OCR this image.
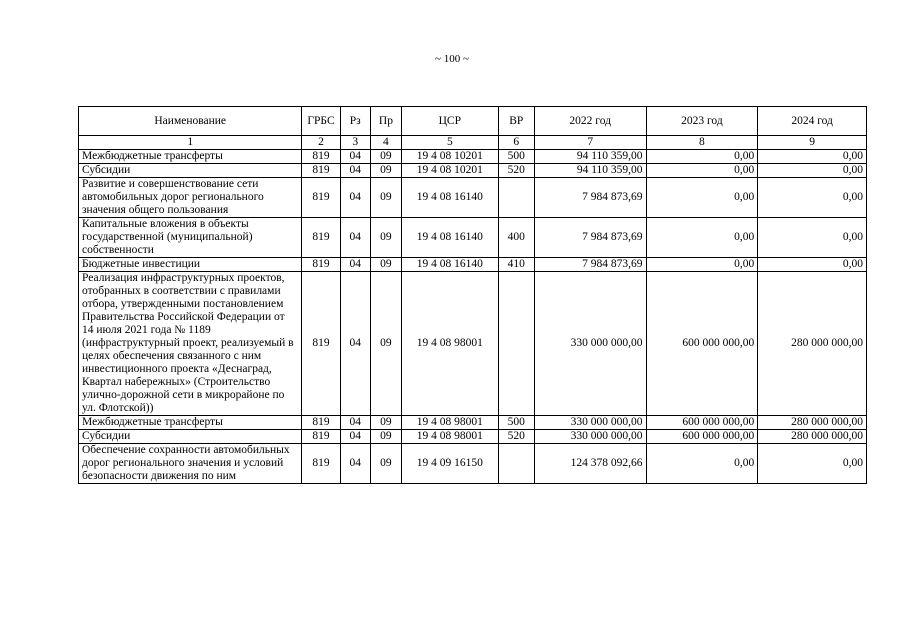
~ 100 ~
Наименование	ГРБС	Рз	Пр	ЦСР	ВР	2022 год	2023 год	2024 год
1	2	3	4	5	6	7	8	9
Межбюджетные трансферты	819	04	09	19 4 08 10201	500	94 110 359,00	0,00	0,00
Субсидии	819	04	09	19 4 08 10201	520	94 110 359,00	0,00	0,00
Развитие и совершенствование сети автомобильных дорог регионального значения общего пользования	819	04	09	19 4 08 16140		7 984 873,69	0,00	0,00
Капитальные вложения в объекты государственной (муниципальной) собственности	819	04	09	19 4 08 16140	400	7 984 873,69	0,00	0,00
Бюджетные инвестиции	819	04	09	19 4 08 16140	410	7 984 873,69	0,00	0,00
Реализация инфраструктурных проектов, отобранных в соответствии с правилами отбора, утвержденными постановлением Правительства Российской Федерации от 14 июля 2021 года № 1189 (инфраструктурный проект, реализуемый в целях обеспечения связанного с ним инвестиционного проекта «Деснаград, Квартал набережных» (Строительство улично-дорожной сети в микрорайоне по ул. Флотской))	819	04	09	19 4 08 98001		330 000 000,00	600 000 000,00	280 000 000,00
Межбюджетные трансферты	819	04	09	19 4 08 98001	500	330 000 000,00	600 000 000,00	280 000 000,00
Субсидии	819	04	09	19 4 08 98001	520	330 000 000,00	600 000 000,00	280 000 000,00
Обеспечение сохранности автомобильных дорог регионального значения и условий безопасности движения по ним	819	04	09	19 4 09 16150		124 378 092,66	0,00	0,00
